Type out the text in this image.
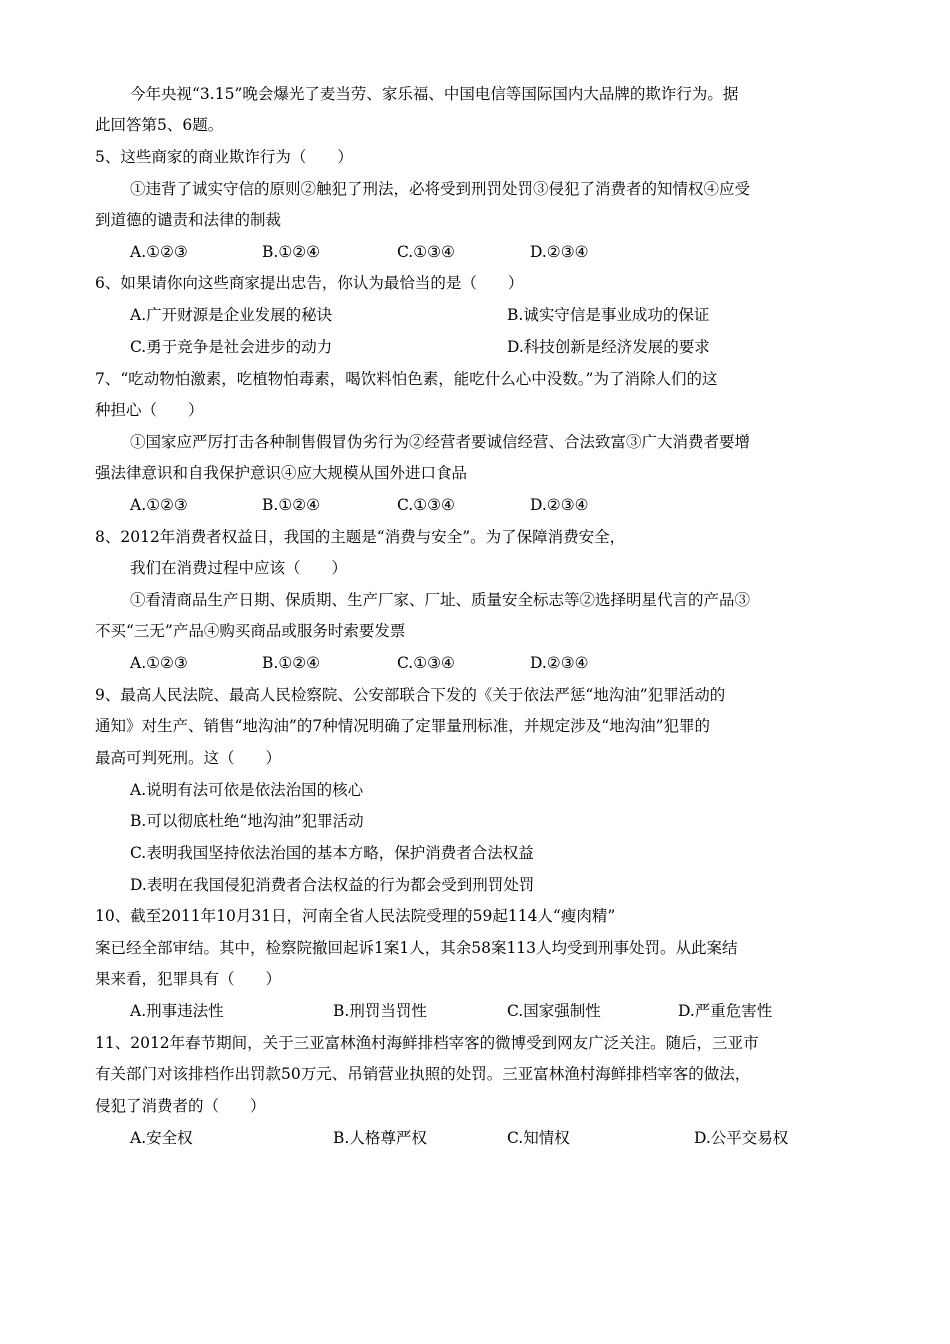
今年央视“3.15”晚会爆光了麦当劳、家乐福、中国电信等国际国内大品牌的欺诈行为。据
此回答第5、6题。
5、这些商家的商业欺诈行为（　　）
①违背了诚实守信的原则②触犯了刑法，必将受到刑罚处罚③侵犯了消费者的知情权④应受
到道德的谴责和法律的制裁
A.①②③	B.①②④	C.①③④	D.②③④
6、如果请你向这些商家提出忠告，你认为最恰当的是（　　）
A.广开财源是企业发展的秘诀	B.诚实守信是事业成功的保证
C.勇于竞争是社会进步的动力	D.科技创新是经济发展的要求
7、“吃动物怕激素，吃植物怕毒素，喝饮料怕色素，能吃什么心中没数。”为了消除人们的这
种担心（　　）
①国家应严厉打击各种制售假冒伪劣行为②经营者要诚信经营、合法致富③广大消费者要增
强法律意识和自我保护意识④应大规模从国外进口食品
A.①②③	B.①②④	C.①③④	D.②③④
8、2012年消费者权益日，我国的主题是“消费与安全”。为了保障消费安全，
我们在消费过程中应该（　　）
①看清商品生产日期、保质期、生产厂家、厂址、质量安全标志等②选择明星代言的产品③
不买“三无”产品④购买商品或服务时索要发票
A.①②③	B.①②④	C.①③④	D.②③④
9、最高人民法院、最高人民检察院、公安部联合下发的《关于依法严惩“地沟油”犯罪活动的
通知》对生产、销售“地沟油”的7种情况明确了定罪量刑标准，并规定涉及“地沟油”犯罪的
最高可判死刑。这（　　）
A.说明有法可依是依法治国的核心
B.可以彻底杜绝“地沟油”犯罪活动
C.表明我国坚持依法治国的基本方略，保护消费者合法权益
D.表明在我国侵犯消费者合法权益的行为都会受到刑罚处罚
10、截至2011年10月31日，河南全省人民法院受理的59起114人“瘦肉精”
案已经全部审结。其中，检察院撤回起诉1案1人，其余58案113人均受到刑事处罚。从此案结
果来看，犯罪具有（　　）
A.刑事违法性	B.刑罚当罚性	C.国家强制性	D.严重危害性
11、2012年春节期间，关于三亚富林渔村海鲜排档宰客的微博受到网友广泛关注。随后，三亚市
有关部门对该排档作出罚款50万元、吊销营业执照的处罚。三亚富林渔村海鲜排档宰客的做法，
侵犯了消费者的（　　）
A.安全权	B.人格尊严权	C.知情权	D.公平交易权
